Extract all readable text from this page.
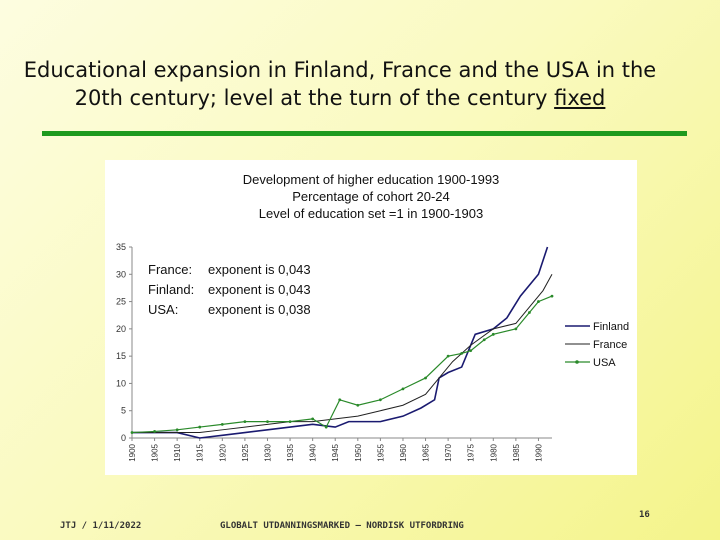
Educational expansion in Finland, France and the USA in the 20th century; level at the turn of the century fixed
Development of higher education 1900-1993
Percentage of cohort 20-24
Level of education set =1 in 1900-1903
0
5
10
15
20
25
30
35
1900 1905 1910 1915 1920 1925 1930 1935 1940 1945 1950 1955 1960 1965 1970 1975 1980 1985 1990
France: exponent is 0,043
Finland: exponent is 0,043
USA: exponent is 0,038
Finland
France
USA
16
JTJ / 1/11/2022	GLOBALT UTDANNINGSMARKED – NORDISK UTFORDRING
